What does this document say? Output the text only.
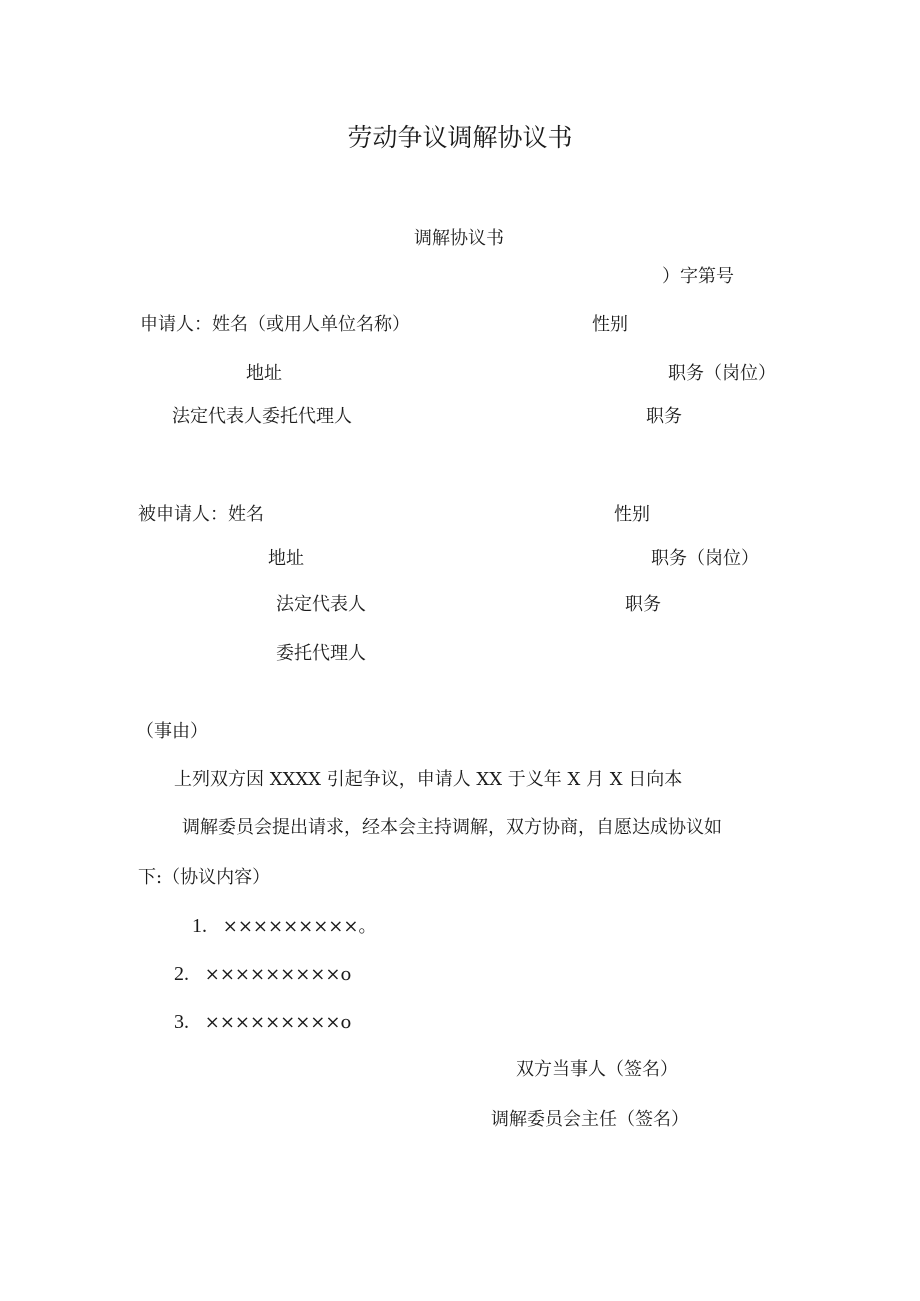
劳动争议调解协议书
调解协议书
）字第号
申请人：姓名（或用人单位名称）	性别
地址	职务（岗位）
法定代表人委托代理人	职务
被申请人：姓名	性别
地址	职务（岗位）
法定代表人	职务
委托代理人
（事由）
上列双方因 XXXX 引起争议，申请人 XX 于义年 X 月 X 日向本
调解委员会提出请求，经本会主持调解，双方协商，自愿达成协议如
下:（协议内容）
1. ×××××××××。
2. ×××××××××o
3. ×××××××××o
双方当事人（签名）
调解委员会主任（签名）
